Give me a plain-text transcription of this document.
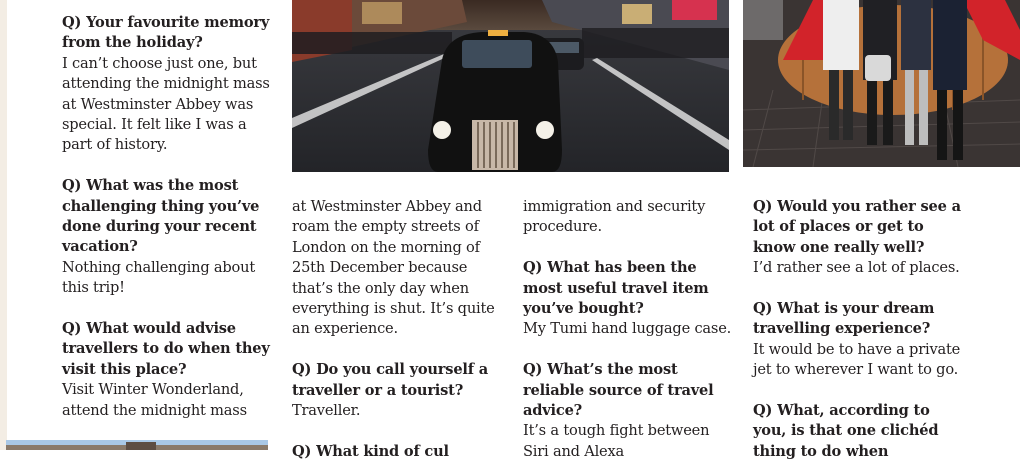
Q) Your favourite memory from the holiday?

I can’t choose just one, but attending the midnight mass at Westminster Abbey was special. It felt like I was a part of history.

Q) What was the most challenging thing you’ve done during your recent vacation?

Nothing challenging about this trip!

Q) What would advise travellers to do when they visit this place?

Visit Winter Wonderland, attend the midnight mass

at Westminster Abbey and roam the empty streets of London on the morning of 25th December because that’s the only day when everything is shut. It’s quite an experience.

Q) Do you call yourself a traveller or a tourist?

Traveller.

Q) What kind of cul

immigration and security procedure.

Q) What has been the most useful travel item you’ve bought?

My Tumi hand luggage case.

Q) What’s the most reliable source of travel advice?

It’s a tough fight between Siri and Alexa

Q) Would you rather see a lot of places or get to know one really well?

I’d rather see a lot of places.

Q) What is your dream travelling experience?

It would be to have a private jet to wherever I want to go.

Q) What, according to you, is that one clichéd thing to do when
